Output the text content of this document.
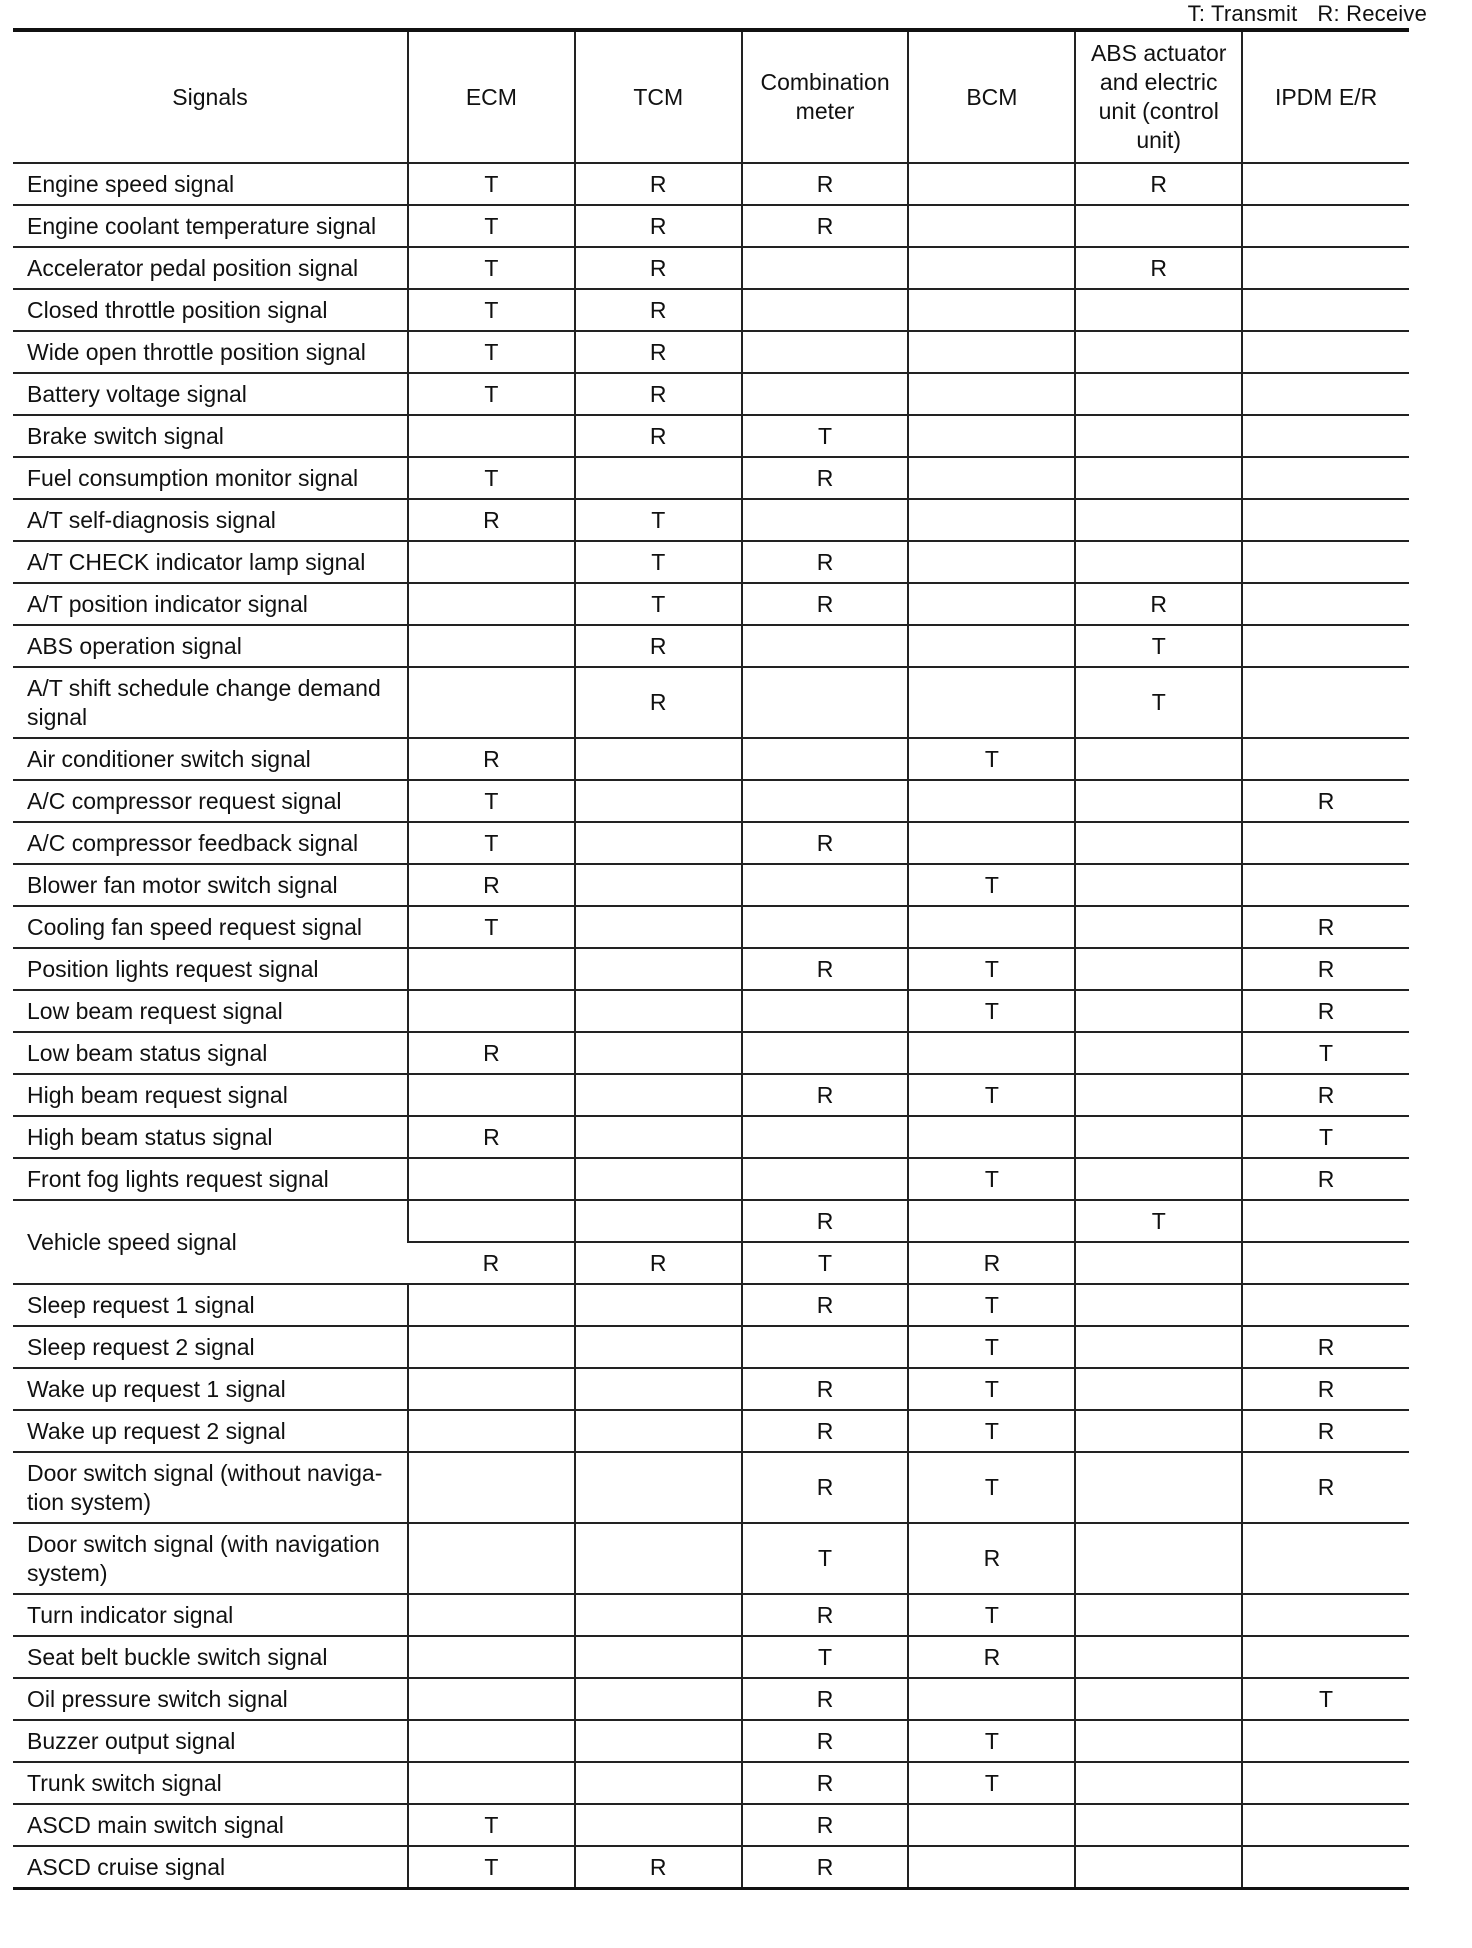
T: Transmit R: Receive
Signals	ECM	TCM	Combination meter	BCM	ABS actuator and electric unit (control unit)	IPDM E/R
Engine speed signal	T	R	R		R	
Engine coolant temperature signal	T	R	R			
Accelerator pedal position signal	T	R			R	
Closed throttle position signal	T	R				
Wide open throttle position signal	T	R				
Battery voltage signal	T	R				
Brake switch signal		R	T			
Fuel consumption monitor signal	T		R			
A/T self-diagnosis signal	R	T				
A/T CHECK indicator lamp signal		T	R			
A/T position indicator signal		T	R		R	
ABS operation signal		R			T	
A/T shift schedule change demand signal		R			T	
Air conditioner switch signal	R			T		
A/C compressor request signal	T					R
A/C compressor feedback signal	T		R			
Blower fan motor switch signal	R			T		
Cooling fan speed request signal	T					R
Position lights request signal			R	T		R
Low beam request signal				T		R
Low beam status signal	R					T
High beam request signal			R	T		R
High beam status signal	R					T
Front fog lights request signal				T		R
Vehicle speed signal			R		T	
	R	R	T	R		
Sleep request 1 signal			R	T		
Sleep request 2 signal				T		R
Wake up request 1 signal			R	T		R
Wake up request 2 signal			R	T		R
Door switch signal (without naviga-tion system)			R	T		R
Door switch signal (with navigation system)			T	R		
Turn indicator signal			R	T		
Seat belt buckle switch signal			T	R		
Oil pressure switch signal			R			T
Buzzer output signal			R	T		
Trunk switch signal			R	T		
ASCD main switch signal	T		R			
ASCD cruise signal	T	R	R			
